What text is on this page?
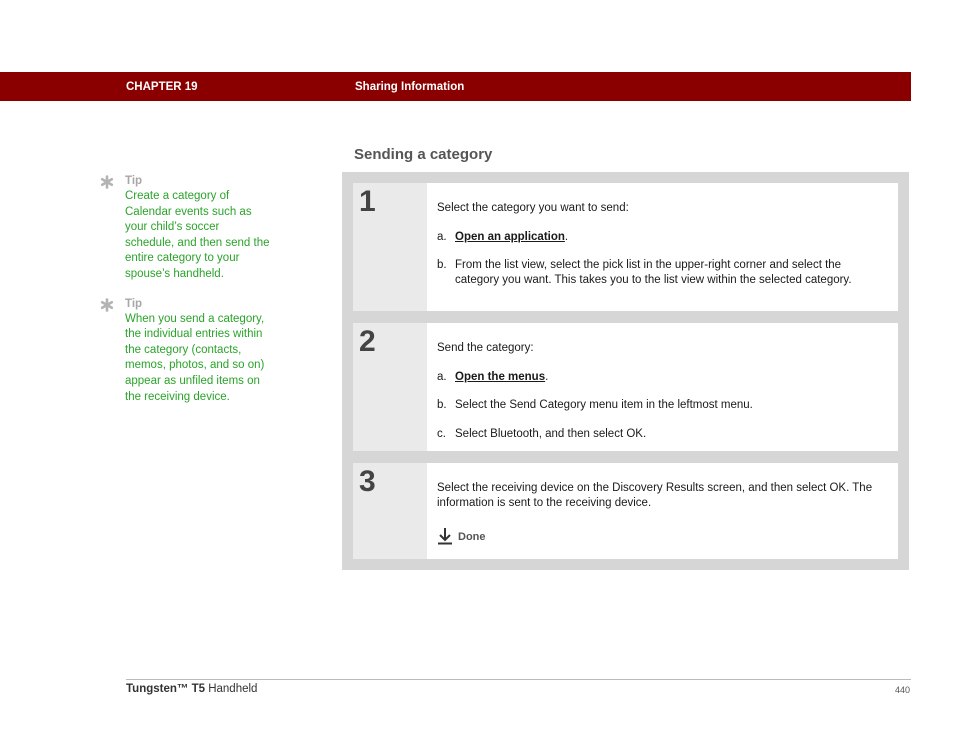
CHAPTER 19	Sharing Information
Tip
Create a category of Calendar events such as your child’s soccer schedule, and then send the entire category to your spouse’s handheld.
Tip
When you send a category, the individual entries within the category (contacts, memos, photos, and so on) appear as unfiled items on the receiving device.
Sending a category
1	Select the category you want to send:

a. Open an application.
b. From the list view, select the pick list in the upper-right corner and select the category you want. This takes you to the list view within the selected category.
2	Send the category:

a. Open the menus.
b. Select the Send Category menu item in the leftmost menu.
c. Select Bluetooth, and then select OK.
3	Select the receiving device on the Discovery Results screen, and then select OK. The information is sent to the receiving device.

Done
Tungsten™ T5 Handheld	440
